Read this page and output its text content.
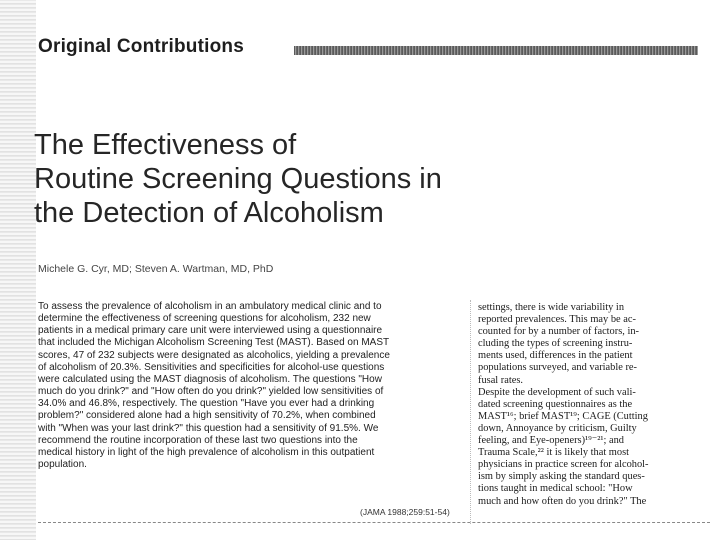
Original Contributions
The Effectiveness of
Routine Screening Questions in
the Detection of Alcoholism
Michele G. Cyr, MD; Steven A. Wartman, MD, PhD
To assess the prevalence of alcoholism in an ambulatory medical clinic and to
determine the effectiveness of screening questions for alcoholism, 232 new
patients in a medical primary care unit were interviewed using a questionnaire
that included the Michigan Alcoholism Screening Test (MAST). Based on MAST
scores, 47 of 232 subjects were designated as alcoholics, yielding a prevalence
of alcoholism of 20.3%. Sensitivities and specificities for alcohol-use questions
were calculated using the MAST diagnosis of alcoholism. The questions "How
much do you drink?" and "How often do you drink?" yielded low sensitivities of
34.0% and 46.8%, respectively. The question "Have you ever had a drinking
problem?" considered alone had a high sensitivity of 70.2%, when combined
with "When was your last drink?" this question had a sensitivity of 91.5%. We
recommend the routine incorporation of these last two questions into the
medical history in light of the high prevalence of alcoholism in this outpatient
population.
(JAMA 1988;259:51-54)
settings, there is wide variability in
reported prevalences. This may be ac-
counted for by a number of factors, in-
cluding the types of screening instru-
ments used, differences in the patient
populations surveyed, and variable re-
fusal rates.
Despite the development of such vali-
dated screening questionnaires as the
MAST¹⁶; brief MAST¹⁹; CAGE (Cutting
down, Annoyance by criticism, Guilty
feeling, and Eye-openers)¹⁹⁻²¹; and
Trauma Scale,²² it is likely that most
physicians in practice screen for alcohol-
ism by simply asking the standard ques-
tions taught in medical school: "How
much and how often do you drink?" The
